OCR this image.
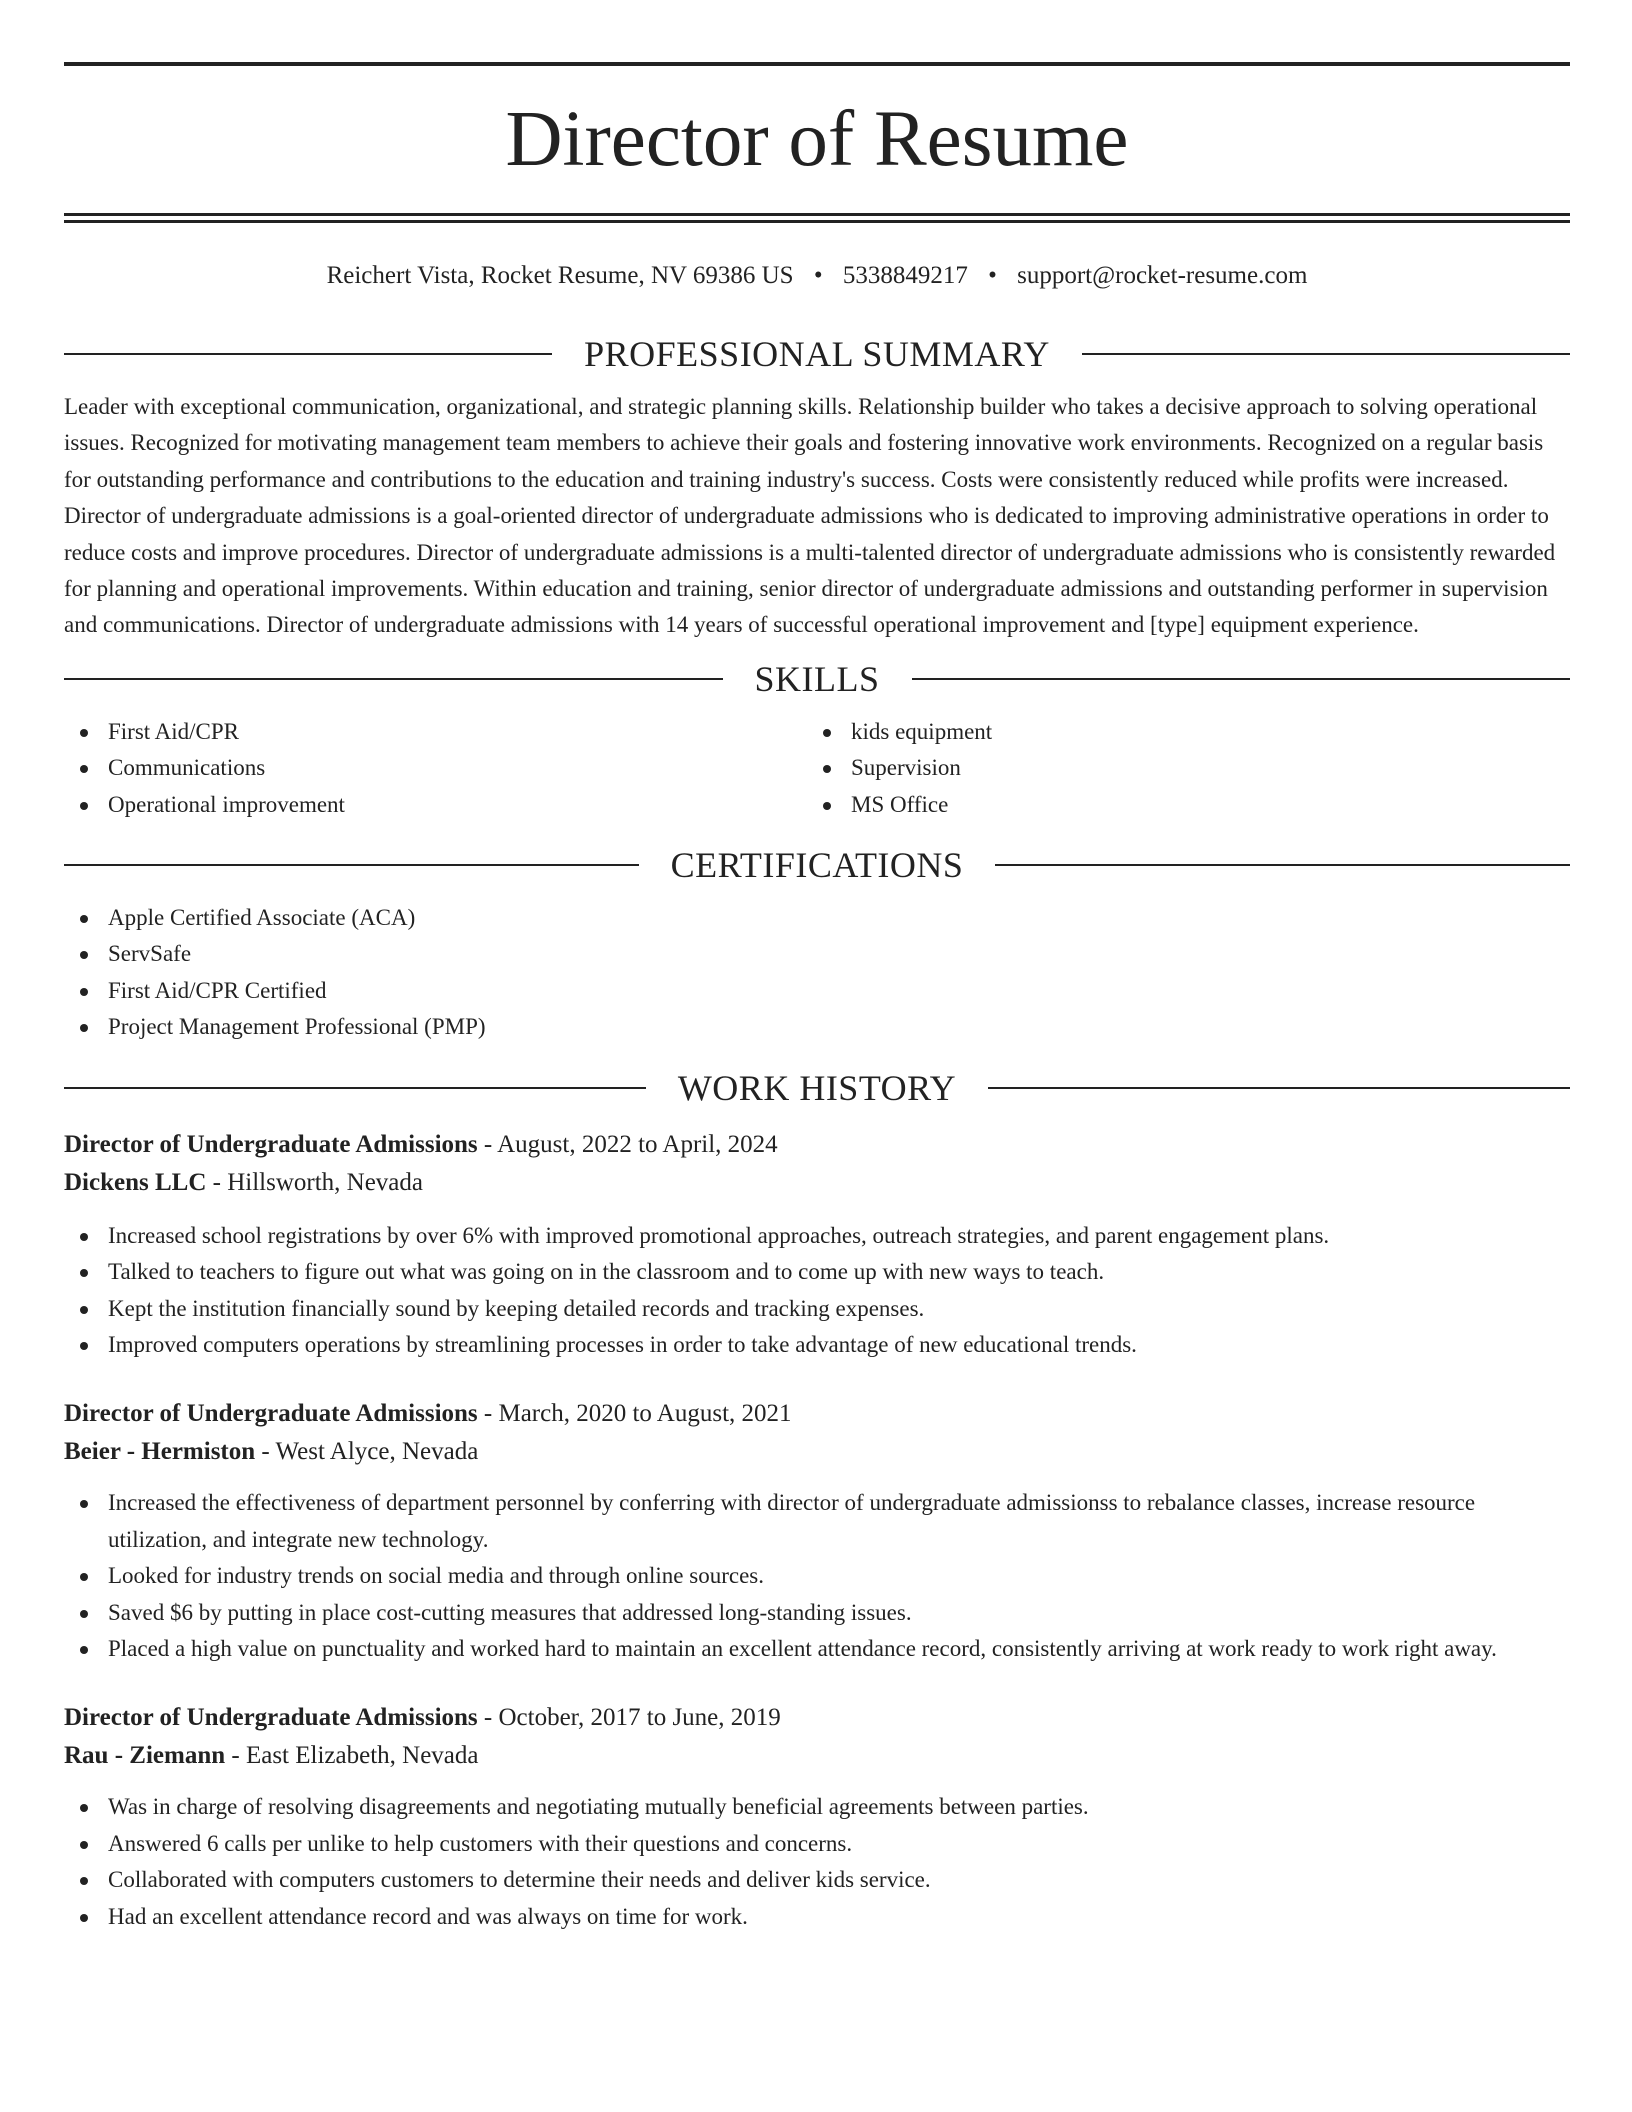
Director of Resume
Reichert Vista, Rocket Resume, NV 69386 US • 5338849217 • support@rocket-resume.com
PROFESSIONAL SUMMARY

Leader with exceptional communication, organizational, and strategic planning skills. Relationship builder who takes a decisive approach to solving operational issues. Recognized for motivating management team members to achieve their goals and fostering innovative work environments. Recognized on a regular basis for outstanding performance and contributions to the education and training industry's success. Costs were consistently reduced while profits were increased. Director of undergraduate admissions is a goal-oriented director of undergraduate admissions who is dedicated to improving administrative operations in order to reduce costs and improve procedures. Director of undergraduate admissions is a multi-talented director of undergraduate admissions who is consistently rewarded for planning and operational improvements. Within education and training, senior director of undergraduate admissions and outstanding performer in supervision and communications. Director of undergraduate admissions with 14 years of successful operational improvement and [type] equipment experience.

SKILLS
First Aid/CPR
Communications
Operational improvement
kids equipment
Supervision
MS Office
CERTIFICATIONS
Apple Certified Associate (ACA)
ServSafe
First Aid/CPR Certified
Project Management Professional (PMP)
WORK HISTORY
Director of Undergraduate Admissions - August, 2022 to April, 2024
Dickens LLC - Hillsworth, Nevada
Increased school registrations by over 6% with improved promotional approaches, outreach strategies, and parent engagement plans.
Talked to teachers to figure out what was going on in the classroom and to come up with new ways to teach.
Kept the institution financially sound by keeping detailed records and tracking expenses.
Improved computers operations by streamlining processes in order to take advantage of new educational trends.
Director of Undergraduate Admissions - March, 2020 to August, 2021
Beier - Hermiston - West Alyce, Nevada
Increased the effectiveness of department personnel by conferring with director of undergraduate admissionss to rebalance classes, increase resource utilization, and integrate new technology.
Looked for industry trends on social media and through online sources.
Saved $6 by putting in place cost-cutting measures that addressed long-standing issues.
Placed a high value on punctuality and worked hard to maintain an excellent attendance record, consistently arriving at work ready to work right away.
Director of Undergraduate Admissions - October, 2017 to June, 2019
Rau - Ziemann - East Elizabeth, Nevada
Was in charge of resolving disagreements and negotiating mutually beneficial agreements between parties.
Answered 6 calls per unlike to help customers with their questions and concerns.
Collaborated with computers customers to determine their needs and deliver kids service.
Had an excellent attendance record and was always on time for work.
